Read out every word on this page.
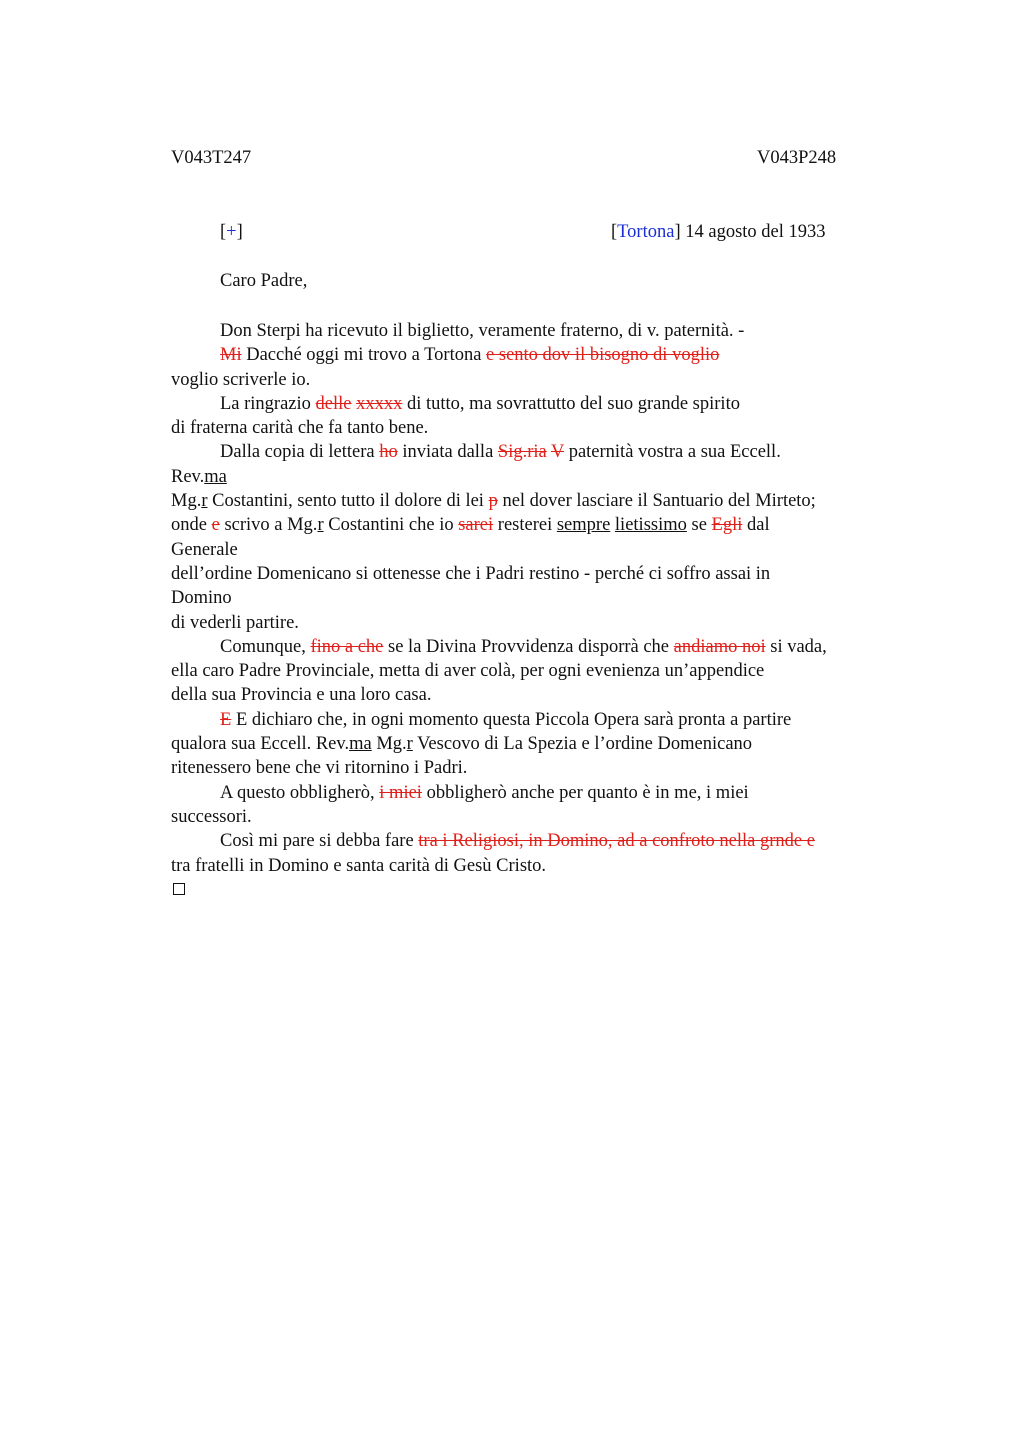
V043T247	V043P248
[+]	[Tortona] 14 agosto del 1933
Caro Padre,
Don Sterpi ha ricevuto il biglietto, veramente fraterno, di v. paternità. -
Mi Dacché oggi mi trovo a Tortona e sento dov il bisogno di voglio
voglio scriverle io.
La ringrazio delle xxxxx di tutto, ma sovrattutto del suo grande spirito
di fraterna carità che fa tanto bene.
Dalla copia di lettera ho inviata dalla Sig.ria V paternità vostra a sua Eccell.
Rev.ma
Mg.r Costantini, sento tutto il dolore di lei p nel dover lasciare il Santuario del Mirteto;
onde e scrivo a Mg.r Costantini che io sarei resterei sempre lietissimo se Egli dal
Generale
dell’ordine Domenicano si ottenesse che i Padri restino - perché ci soffro assai in
Domino
di vederli partire.
Comunque, fino a che se la Divina Provvidenza disporrà che andiamo noi si vada,
ella caro Padre Provinciale, metta di aver colà, per ogni evenienza un’appendice
della sua Provincia e una loro casa.
E E dichiaro che, in ogni momento questa Piccola Opera sarà pronta a partire
qualora sua Eccell. Rev.ma Mg.r Vescovo di La Spezia e l’ordine Domenicano
ritenessero bene che vi ritornino i Padri.
A questo obbligherò, i miei obbligherò anche per quanto è in me, i miei
successori.
Così mi pare si debba fare tra i Religiosi, in Domino, ad a confroto nella grnde e
tra fratelli in Domino e santa carità di Gesù Cristo.
